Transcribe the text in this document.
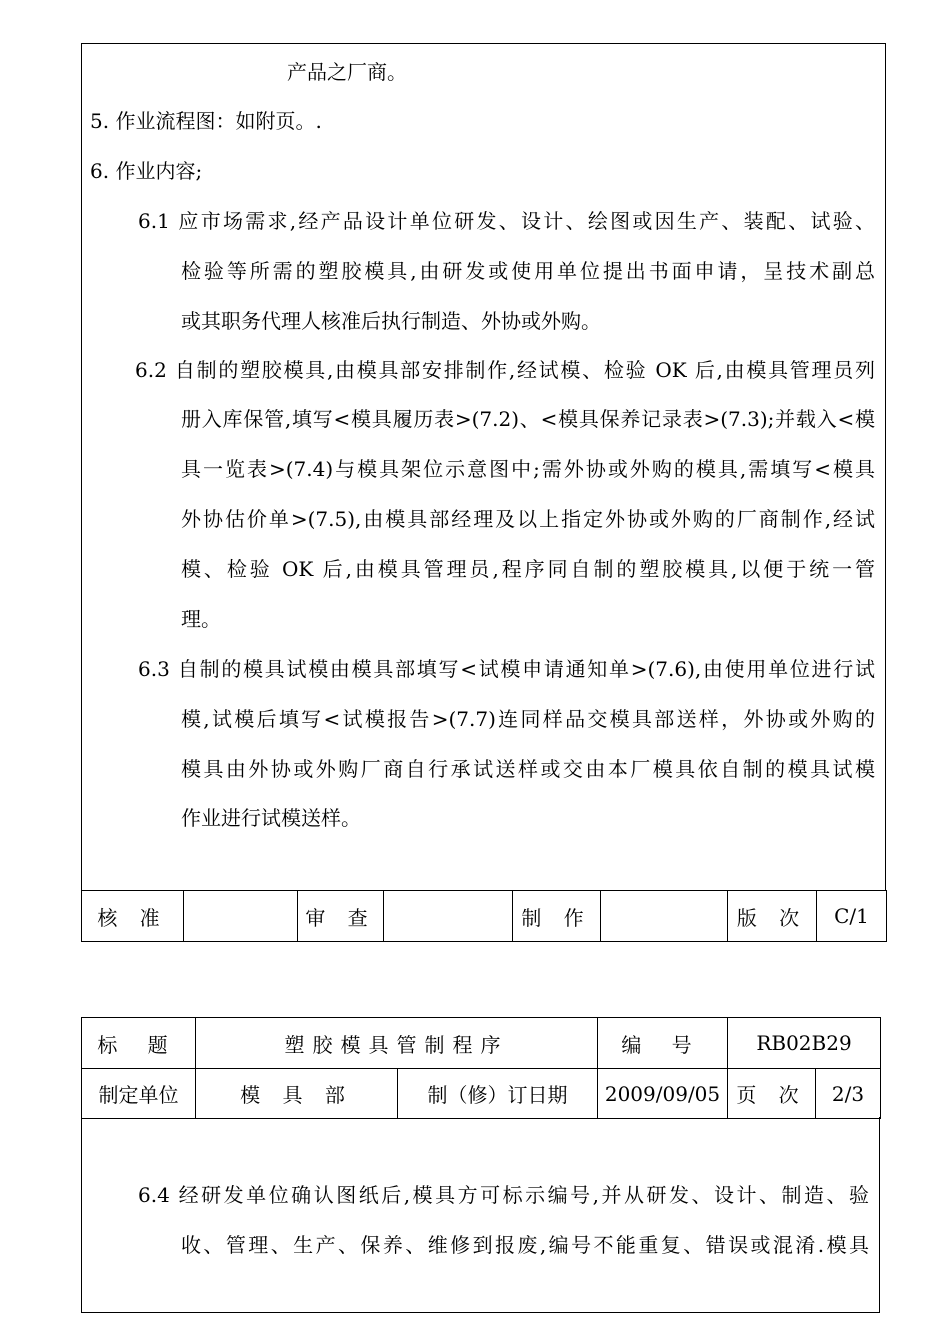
产品之厂商。
5. 作业流程图：如附页。.
6. 作业内容;
6.1 应市场需求,经产品设计单位研发、设计、绘图或因生产、装配、试验、
检验等所需的塑胶模具,由研发或使用单位提出书面申请，呈技术副总
或其职务代理人核准后执行制造、外协或外购。
6.2 自制的塑胶模具,由模具部安排制作,经试模、检验 OK 后,由模具管理员列
册入库保管,填写<模具履历表>(7.2)、<模具保养记录表>(7.3);并载入<模
具一览表>(7.4)与模具架位示意图中;需外协或外购的模具,需填写<模具
外协估价单>(7.5),由模具部经理及以上指定外协或外购的厂商制作,经试
模、检验 OK 后,由模具管理员,程序同自制的塑胶模具,以便于统一管
理。
6.3 自制的模具试模由模具部填写<试模申请通知单>(7.6),由使用单位进行试
模,试模后填写<试模报告>(7.7)连同样品交模具部送样，外协或外购的
模具由外协或外购厂商自行承试送样或交由本厂模具依自制的模具试模
作业进行试模送样。
核 准		审 查		制 作		版 次	C/1
标 题	塑胶模具管制程序		编 号	RB02B29	
制定单位	模 具 部	制（修）订日期	2009/09/05	页 次	2/3
6.4 经研发单位确认图纸后,模具方可标示编号,并从研发、设计、制造、验
收、管理、生产、保养、维修到报废,编号不能重复、错误或混淆.模具
